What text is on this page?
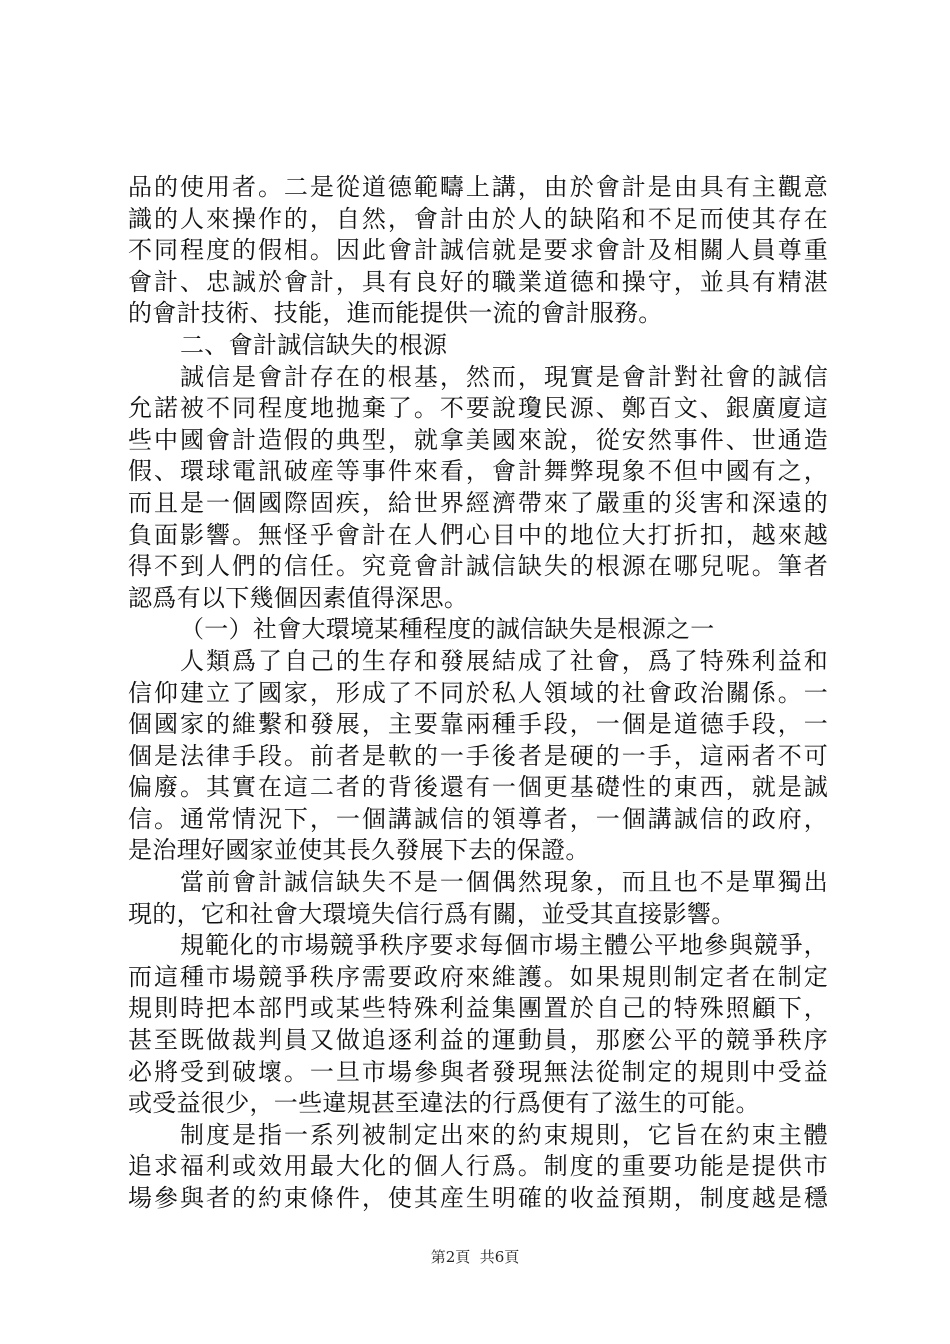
品的使用者。二是從道德範疇上講，由於會計是由具有主觀意
識的人來操作的，自然，會計由於人的缺陷和不足而使其存在
不同程度的假相。因此會計誠信就是要求會計及相關人員尊重
會計、忠誠於會計，具有良好的職業道德和操守，並具有精湛
的會計技術、技能，進而能提供一流的會計服務。
二、會計誠信缺失的根源
誠信是會計存在的根基，然而，現實是會計對社會的誠信
允諾被不同程度地拋棄了。不要說瓊民源、鄭百文、銀廣廈這
些中國會計造假的典型，就拿美國來說，從安然事件、世通造
假、環球電訊破産等事件來看，會計舞弊現象不但中國有之，
而且是一個國際固疾，給世界經濟帶來了嚴重的災害和深遠的
負面影響。無怪乎會計在人們心目中的地位大打折扣，越來越
得不到人們的信任。究竟會計誠信缺失的根源在哪兒呢。筆者
認爲有以下幾個因素值得深思。
（一）社會大環境某種程度的誠信缺失是根源之一
人類爲了自己的生存和發展結成了社會，爲了特殊利益和
信仰建立了國家，形成了不同於私人領域的社會政治關係。一
個國家的維繫和發展，主要靠兩種手段，一個是道德手段，一
個是法律手段。前者是軟的一手後者是硬的一手，這兩者不可
偏廢。其實在這二者的背後還有一個更基礎性的東西，就是誠
信。通常情況下，一個講誠信的領導者，一個講誠信的政府，
是治理好國家並使其長久發展下去的保證。
當前會計誠信缺失不是一個偶然現象，而且也不是單獨出
現的，它和社會大環境失信行爲有關，並受其直接影響。
規範化的市場競爭秩序要求每個市場主體公平地參與競爭，
而這種市場競爭秩序需要政府來維護。如果規則制定者在制定
規則時把本部門或某些特殊利益集團置於自己的特殊照顧下，
甚至既做裁判員又做追逐利益的運動員，那麽公平的競爭秩序
必將受到破壞。一旦市場參與者發現無法從制定的規則中受益
或受益很少，一些違規甚至違法的行爲便有了滋生的可能。
制度是指一系列被制定出來的約束規則，它旨在約束主體
追求福利或效用最大化的個人行爲。制度的重要功能是提供市
場參與者的約束條件，使其産生明確的收益預期，制度越是穩
第2頁  共6頁
